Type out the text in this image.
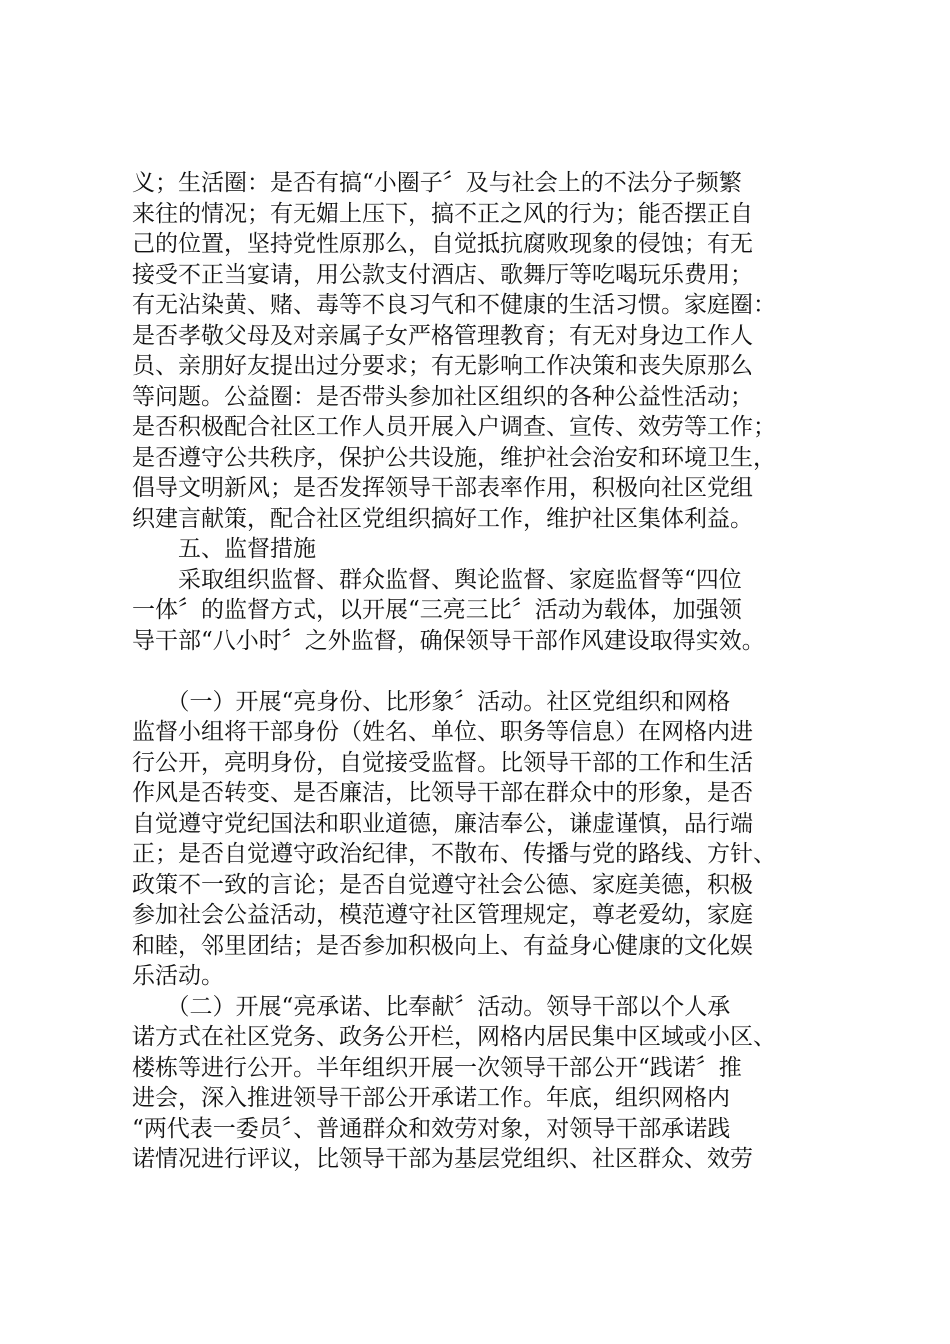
义；生活圈：是否有搞“小圈子〞及与社会上的不法分子频繁
来往的情况；有无媚上压下，搞不正之风的行为；能否摆正自
己的位置，坚持党性原那么，自觉抵抗腐败现象的侵蚀；有无
接受不正当宴请，用公款支付酒店、歌舞厅等吃喝玩乐费用；
有无沾染黄、赌、毒等不良习气和不健康的生活习惯。家庭圈：
是否孝敬父母及对亲属子女严格管理教育；有无对身边工作人
员、亲朋好友提出过分要求；有无影响工作决策和丧失原那么
等问题。公益圈：是否带头参加社区组织的各种公益性活动；
是否积极配合社区工作人员开展入户调查、宣传、效劳等工作；
是否遵守公共秩序，保护公共设施，维护社会治安和环境卫生，
倡导文明新风；是否发挥领导干部表率作用，积极向社区党组
织建言献策，配合社区党组织搞好工作，维护社区集体利益。
　　五、监督措施
　　采取组织监督、群众监督、舆论监督、家庭监督等“四位
一体〞的监督方式，以开展“三亮三比〞活动为载体，加强领
导干部“八小时〞之外监督，确保领导干部作风建设取得实效。
　　（一）开展“亮身份、比形象〞活动。社区党组织和网格
监督小组将干部身份（姓名、单位、职务等信息）在网格内进
行公开，亮明身份，自觉接受监督。比领导干部的工作和生活
作风是否转变、是否廉洁，比领导干部在群众中的形象，是否
自觉遵守党纪国法和职业道德，廉洁奉公，谦虚谨慎，品行端
正；是否自觉遵守政治纪律，不散布、传播与党的路线、方针、
政策不一致的言论；是否自觉遵守社会公德、家庭美德，积极
参加社会公益活动，模范遵守社区管理规定，尊老爱幼，家庭
和睦，邻里团结；是否参加积极向上、有益身心健康的文化娱
乐活动。
　　（二）开展“亮承诺、比奉献〞活动。领导干部以个人承
诺方式在社区党务、政务公开栏，网格内居民集中区域或小区、
楼栋等进行公开。半年组织开展一次领导干部公开“践诺〞推
进会，深入推进领导干部公开承诺工作。年底，组织网格内
“两代表一委员〞、普通群众和效劳对象，对领导干部承诺践
诺情况进行评议，比领导干部为基层党组织、社区群众、效劳
